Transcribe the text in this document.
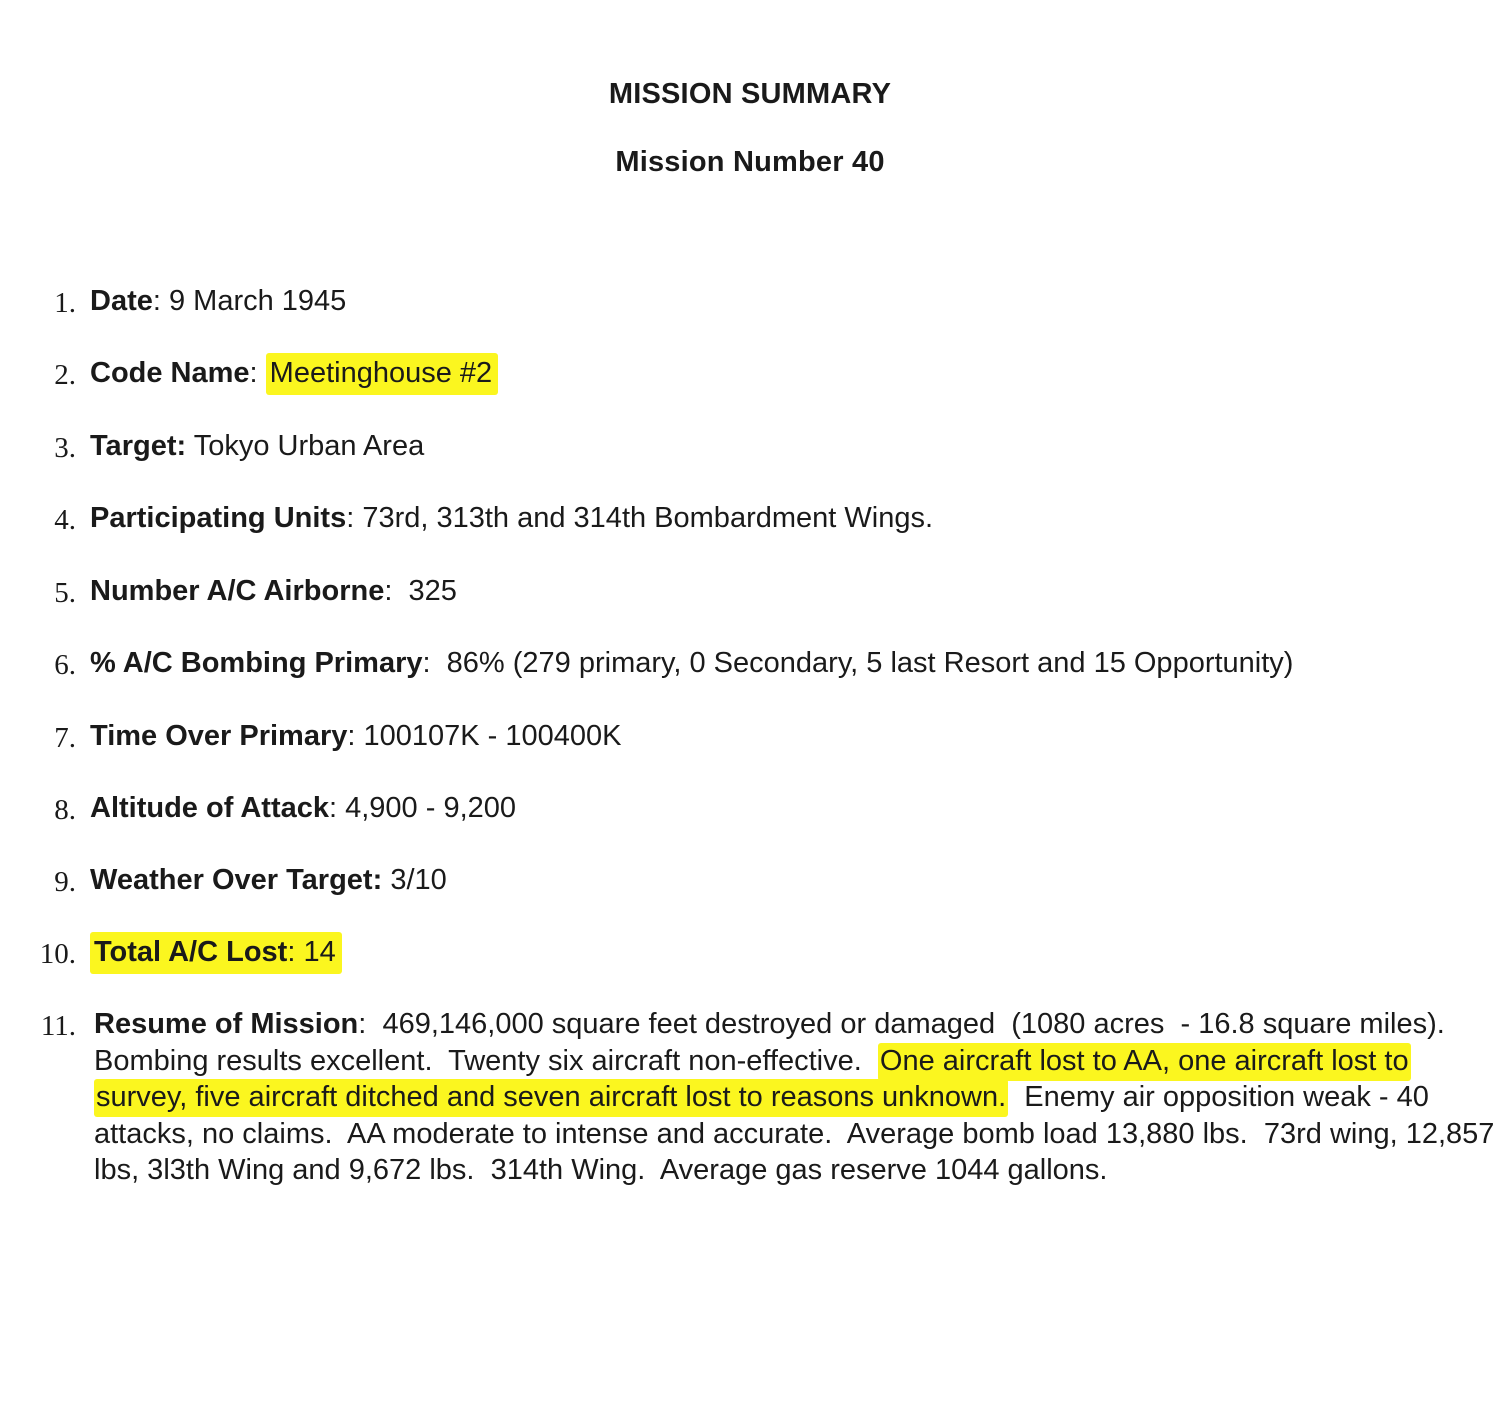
MISSION SUMMARY
Mission Number 40
1. Date: 9 March 1945
2. Code Name: Meetinghouse #2
3. Target: Tokyo Urban Area
4. Participating Units: 73rd, 313th and 314th Bombardment Wings.
5. Number A/C Airborne:  325
6. % A/C Bombing Primary:  86% (279 primary, 0 Secondary, 5 last Resort and 15 Opportunity)
7. Time Over Primary: 100107K - 100400K
8. Altitude of Attack: 4,900 - 9,200
9. Weather Over Target: 3/10
10. Total A/C Lost: 14
11. Resume of Mission:  469,146,000 square feet destroyed or damaged  (1080 acres  - 16.8 square miles).  Bombing results excellent.  Twenty six aircraft non-effective.  One aircraft lost to AA, one aircraft lost to survey, five aircraft ditched and seven aircraft lost to reasons unknown.  Enemy air opposition weak - 40 attacks, no claims.  AA moderate to intense and accurate.  Average bomb load 13,880 lbs.  73rd wing, 12,857 lbs, 3l3th Wing and 9,672 lbs.  314th Wing.  Average gas reserve 1044 gallons.
